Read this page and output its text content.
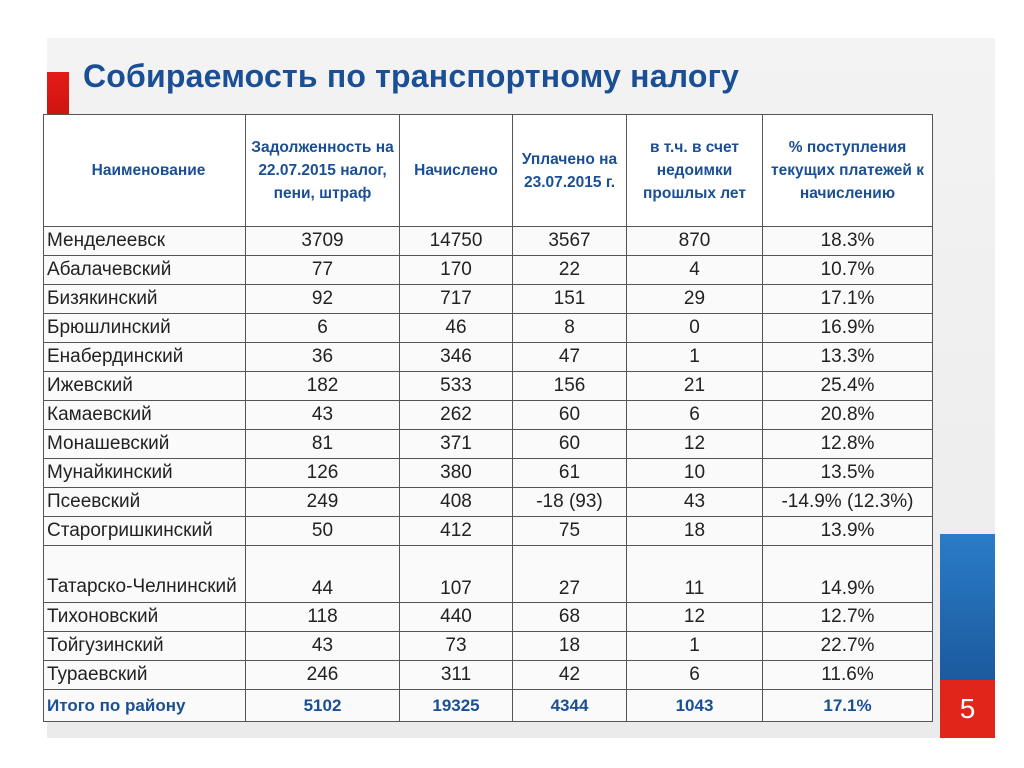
Собираемость по транспортному налогу
Наименование	Задолженность на 22.07.2015 налог, пени, штраф	Начислено	Уплачено на 23.07.2015 г.	в т.ч. в счет недоимки прошлых лет	% поступления текущих платежей к начислению
Менделеевск	3709	14750	3567	870	18.3%
Абалачевский	77	170	22	4	10.7%
Бизякинский	92	717	151	29	17.1%
Брюшлинский	6	46	8	0	16.9%
Енабердинский	36	346	47	1	13.3%
Ижевский	182	533	156	21	25.4%
Камаевский	43	262	60	6	20.8%
Монашевский	81	371	60	12	12.8%
Мунайкинский	126	380	61	10	13.5%
Псеевский	249	408	-18 (93)	43	-14.9% (12.3%)
Старогришкинский	50	412	75	18	13.9%
Татарско-Челнинский	44	107	27	11	14.9%
Тихоновский	118	440	68	12	12.7%
Тойгузинский	43	73	18	1	22.7%
Тураевский	246	311	42	6	11.6%
Итого по району	5102	19325	4344	1043	17.1%	5
